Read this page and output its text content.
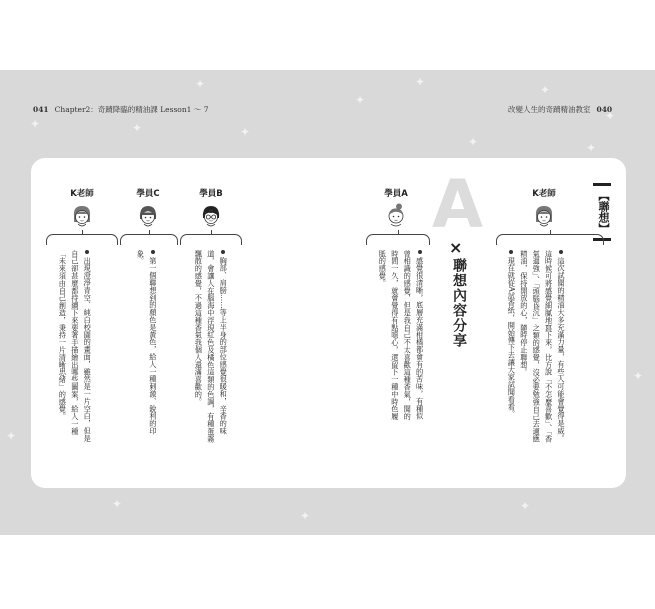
✦	✦
✦
✦
✦
✦
✦
✦
✦
✦
✦
✦
✦
✦
✦
041 Chapter2：奇蹟降臨的精油課 Lesson1 ～ 7	改變人生的奇蹟精油教室 040
【聯想】
A
×
聯想內容分享
K老師

這次試聞的精油大多充滿力量，有些人可能會覺得是威。

這時候可將感覺細膩地寫下來，比方說「不怎麼喜歡」、「香氣過強」、「頭腦昏沉」之類的感覺，沒必要勉強自己去適應精油，保持開放的心，隨時停止聯想。

現在就從A試香紙，開始傳下去讓大家試聞看看。

學員A

感覺很清晰，底層充滿柑橘都會有的苦味，有種似曾相識的感覺，但是我自己不太喜歡這種香氣，聞的時間一久，就會覺得有點噁心，還留下一種中時色履胝的感覺。

學員B

胸部、肩膀……等上半身的部位感覺很暖和，辛香的味道，會讓人在腦海中浮現紅色及橘色這類的色調，有種蛋霧飄散的感覺，不過這種香氣我個人還滿喜歡的。

學員C

第一個聯想到的顏色是黃色，給人一種刺激、銳利的印象。

K老師

出現澄淨青空、純白校園的畫面，雖然是一片空白，但是自己卻甚麼都持續下來要著手描繪出哪些圖案，給人一種「未來須由自己創造，秉持一片清晰思緒」的感覺。
